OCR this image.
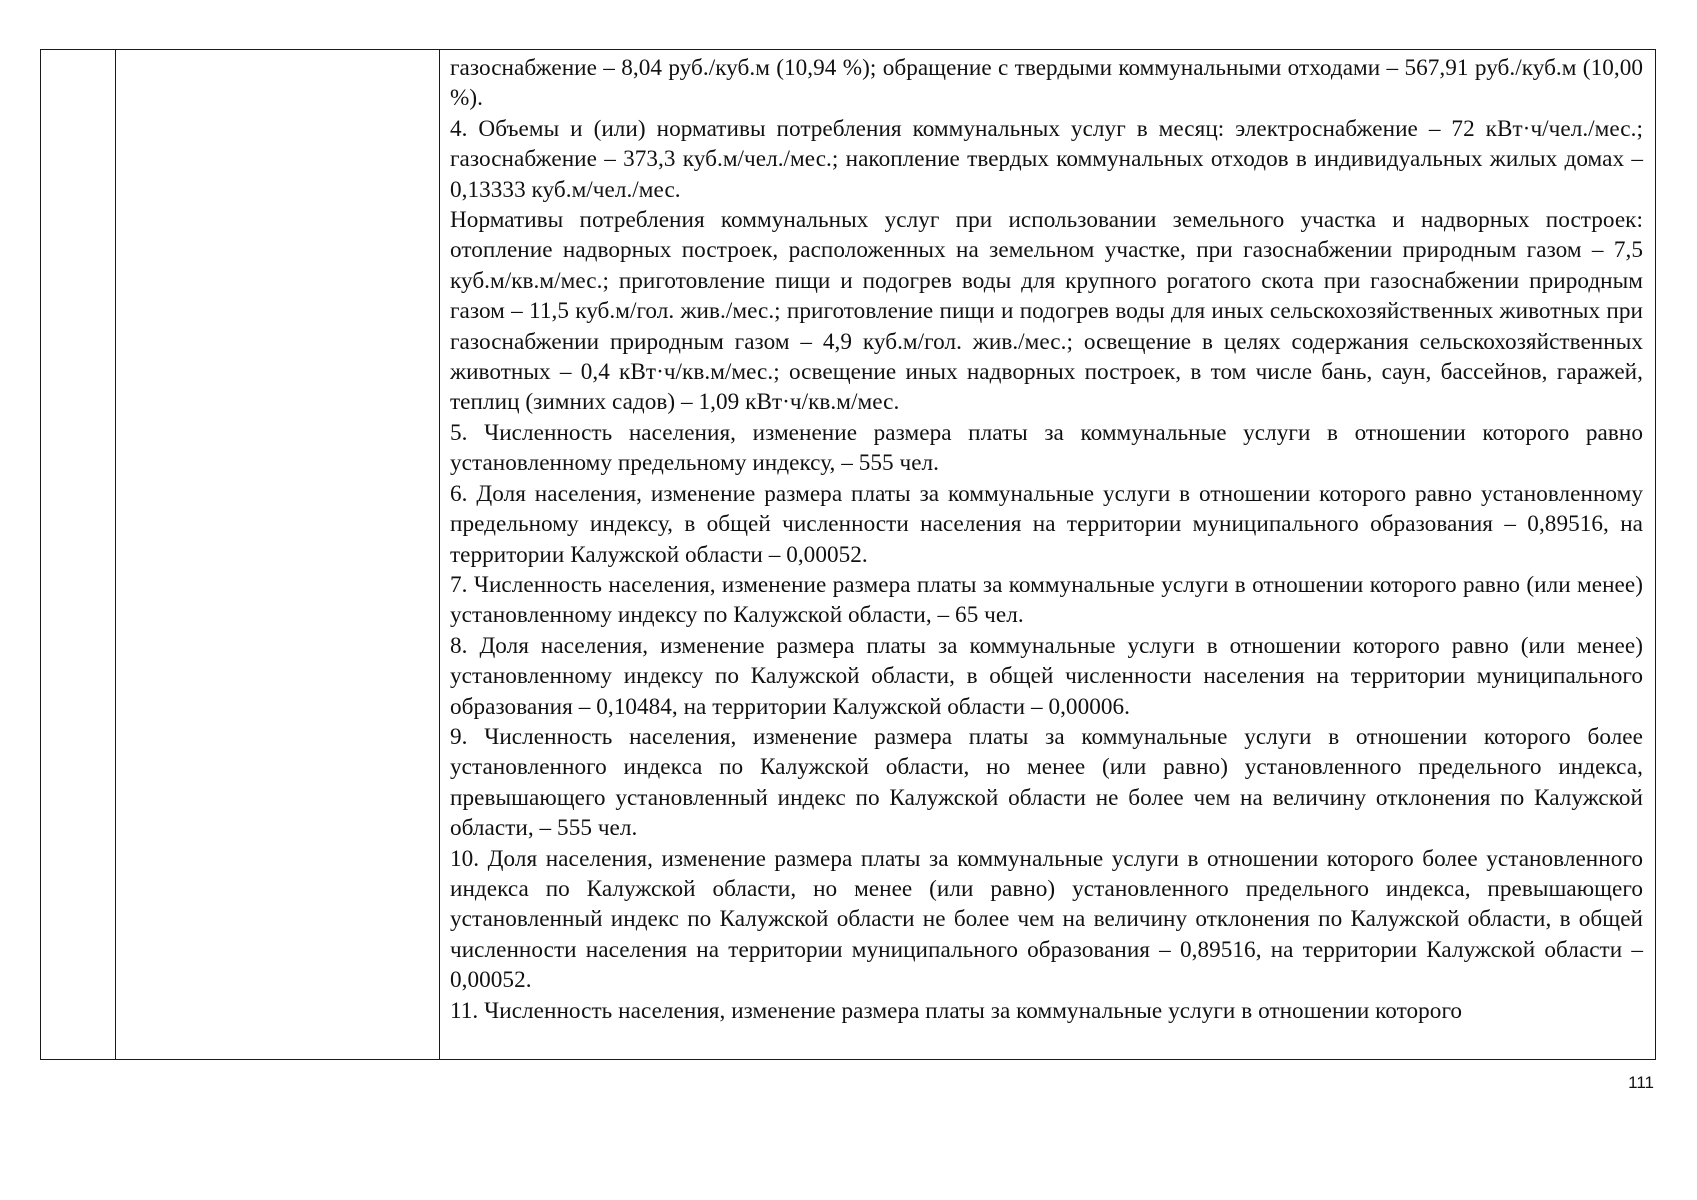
газоснабжение – 8,04 руб./куб.м (10,94 %); обращение с твердыми коммунальными отходами – 567,91 руб./куб.м (10,00 %).

4. Объемы и (или) нормативы потребления коммунальных услуг в месяц: электроснабжение – 72 кВт·ч/чел./мес.; газоснабжение – 373,3 куб.м/чел./мес.; накопление твердых коммунальных отходов в индивидуальных жилых домах – 0,13333 куб.м/чел./мес.

Нормативы потребления коммунальных услуг при использовании земельного участка и надворных построек: отопление надворных построек, расположенных на земельном участке, при газоснабжении природным газом – 7,5 куб.м/кв.м/мес.; приготовление пищи и подогрев воды для крупного рогатого скота при газоснабжении природным газом – 11,5 куб.м/гол. жив./мес.; приготовление пищи и подогрев воды для иных сельскохозяйственных животных при газоснабжении природным газом – 4,9 куб.м/гол. жив./мес.; освещение в целях содержания сельскохозяйственных животных – 0,4 кВт·ч/кв.м/мес.; освещение иных надворных построек, в том числе бань, саун, бассейнов, гаражей, теплиц (зимних садов) – 1,09 кВт·ч/кв.м/мес.

5. Численность населения, изменение размера платы за коммунальные услуги в отношении которого равно установленному предельному индексу, – 555 чел.

6. Доля населения, изменение размера платы за коммунальные услуги в отношении которого равно установленному предельному индексу, в общей численности населения на территории муниципального образования – 0,89516, на территории Калужской области – 0,00052.

7. Численность населения, изменение размера платы за коммунальные услуги в отношении которого равно (или менее) установленному индексу по Калужской области, – 65 чел.

8. Доля населения, изменение размера платы за коммунальные услуги в отношении которого равно (или менее) установленному индексу по Калужской области, в общей численности населения на территории муниципального образования – 0,10484, на территории Калужской области – 0,00006.

9. Численность населения, изменение размера платы за коммунальные услуги в отношении которого более установленного индекса по Калужской области, но менее (или равно) установленного предельного индекса, превышающего установленный индекс по Калужской области не более чем на величину отклонения по Калужской области, – 555 чел.

10. Доля населения, изменение размера платы за коммунальные услуги в отношении которого более установленного индекса по Калужской области, но менее (или равно) установленного предельного индекса, превышающего установленный индекс по Калужской области не более чем на величину отклонения по Калужской области, в общей численности населения на территории муниципального образования – 0,89516, на территории Калужской области – 0,00052.

11. Численность населения, изменение размера платы за коммунальные услуги в отношении которого

111
